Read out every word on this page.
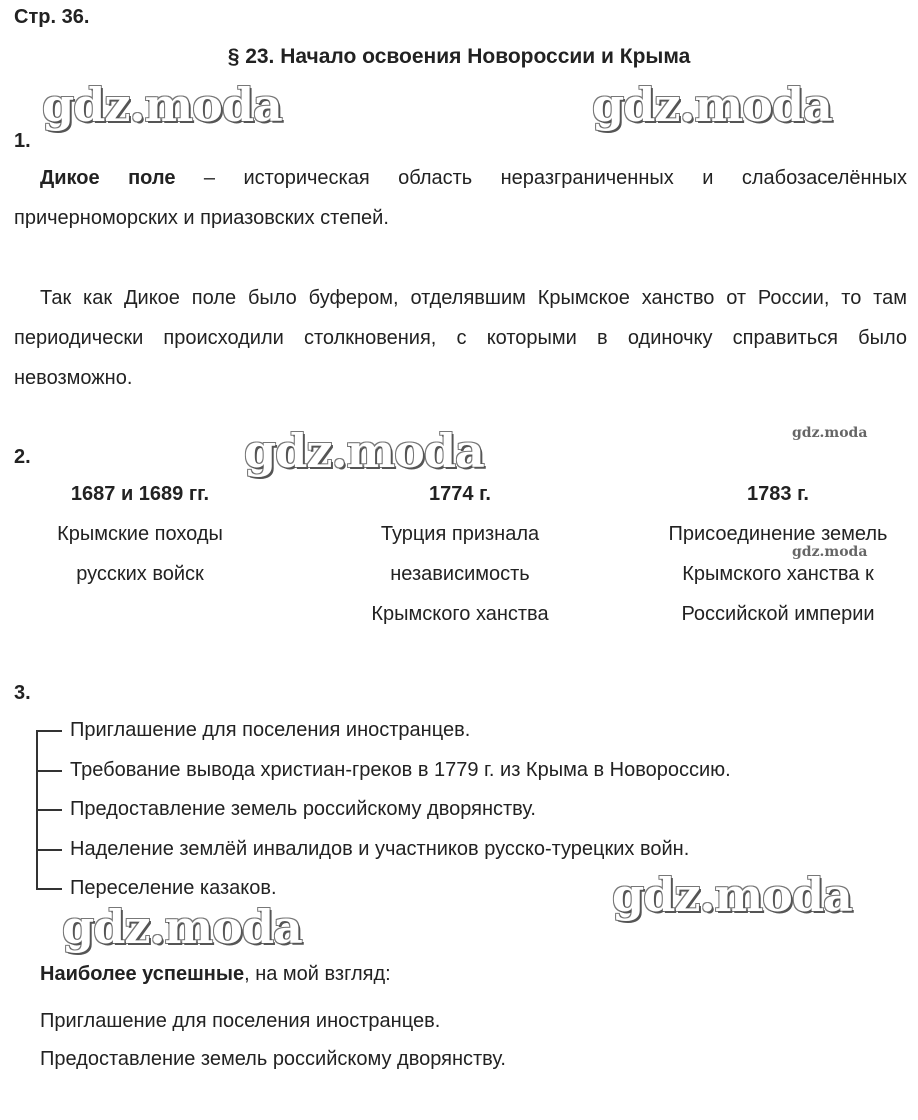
Стр. 36.
§ 23. Начало освоения Новороссии и Крыма
gdz.moda	gdz.moda
gdz.moda	gdz.moda
gdz.moda
gdz.moda
gdz.moda
1.
Дикое поле – историческая область неразграниченных и слабозаселённых причерноморских и приазовских степей.
Так как Дикое поле было буфером, отделявшим Крымское ханство от России, то там периодически происходили столкновения, с которыми в одиночку справиться было невозможно.
2.
1687 и 1689 гг.
Крымские походы
русских войск
1774 г.
Турция признала
независимость
Крымского ханства
1783 г.
Присоединение земель
Крымского ханства к
Российской империи
3.
Приглашение для поселения иностранцев.
Требование вывода христиан-греков в 1779 г. из Крыма в Новороссию.
Предоставление земель российскому дворянству.
Наделение землёй инвалидов и участников русско-турецких войн.
Переселение казаков.
Наиболее успешные, на мой взгляд:
Приглашение для поселения иностранцев.
Предоставление земель российскому дворянству.
